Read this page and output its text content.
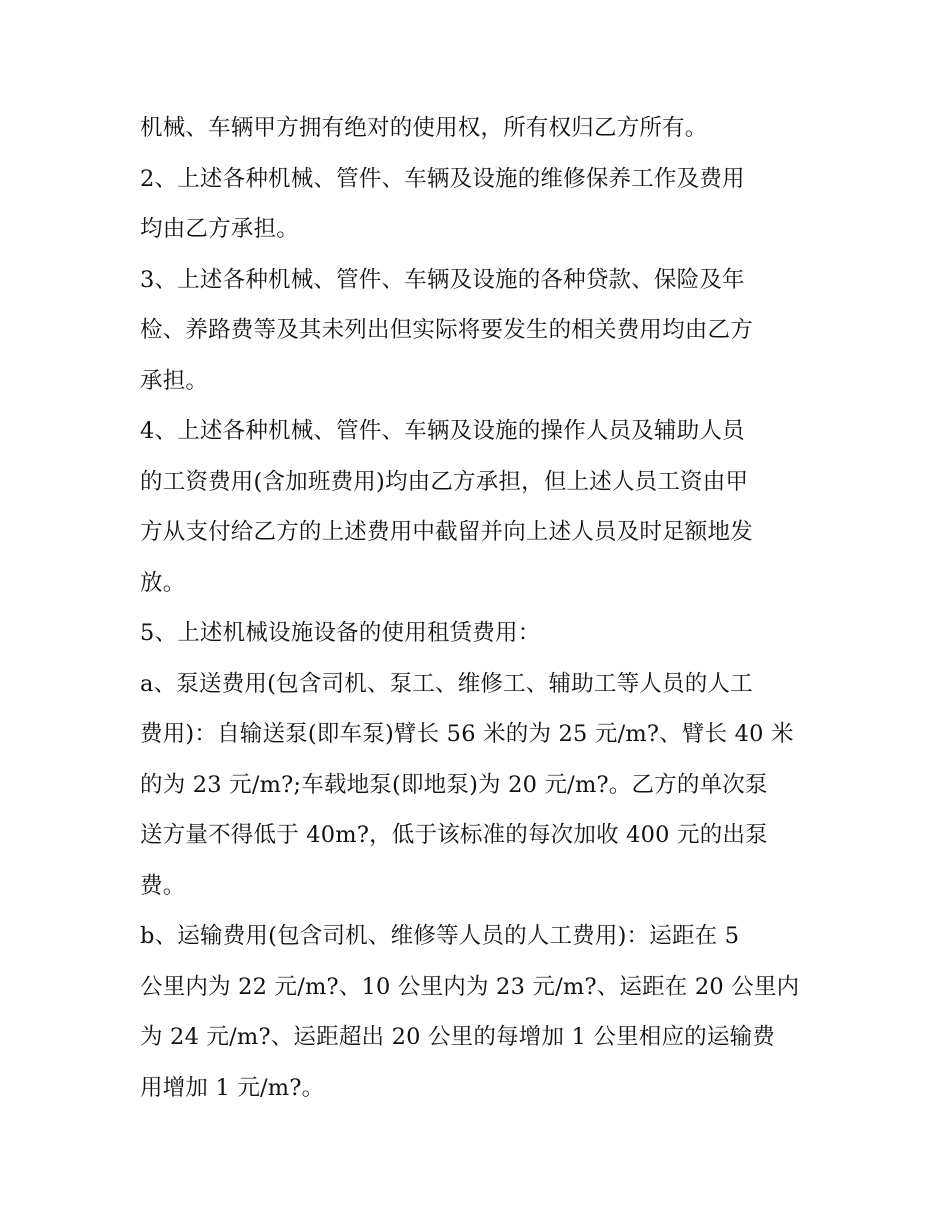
机械、车辆甲方拥有绝对的使用权，所有权归乙方所有。
2、上述各种机械、管件、车辆及设施的维修保养工作及费用
均由乙方承担。
3、上述各种机械、管件、车辆及设施的各种贷款、保险及年
检、养路费等及其未列出但实际将要发生的相关费用均由乙方
承担。
4、上述各种机械、管件、车辆及设施的操作人员及辅助人员
的工资费用(含加班费用)均由乙方承担，但上述人员工资由甲
方从支付给乙方的上述费用中截留并向上述人员及时足额地发
放。
5、上述机械设施设备的使用租赁费用：
a、泵送费用(包含司机、泵工、维修工、辅助工等人员的人工
费用)：自输送泵(即车泵)臂长 56 米的为 25 元/m?、臂长 40 米
的为 23 元/m?;车载地泵(即地泵)为 20 元/m?。乙方的单次泵
送方量不得低于 40m?，低于该标准的每次加收 400 元的出泵
费。
b、运输费用(包含司机、维修等人员的人工费用)：运距在 5
公里内为 22 元/m?、10 公里内为 23 元/m?、运距在 20 公里内
为 24 元/m?、运距超出 20 公里的每增加 1 公里相应的运输费
用增加 1 元/m?。
